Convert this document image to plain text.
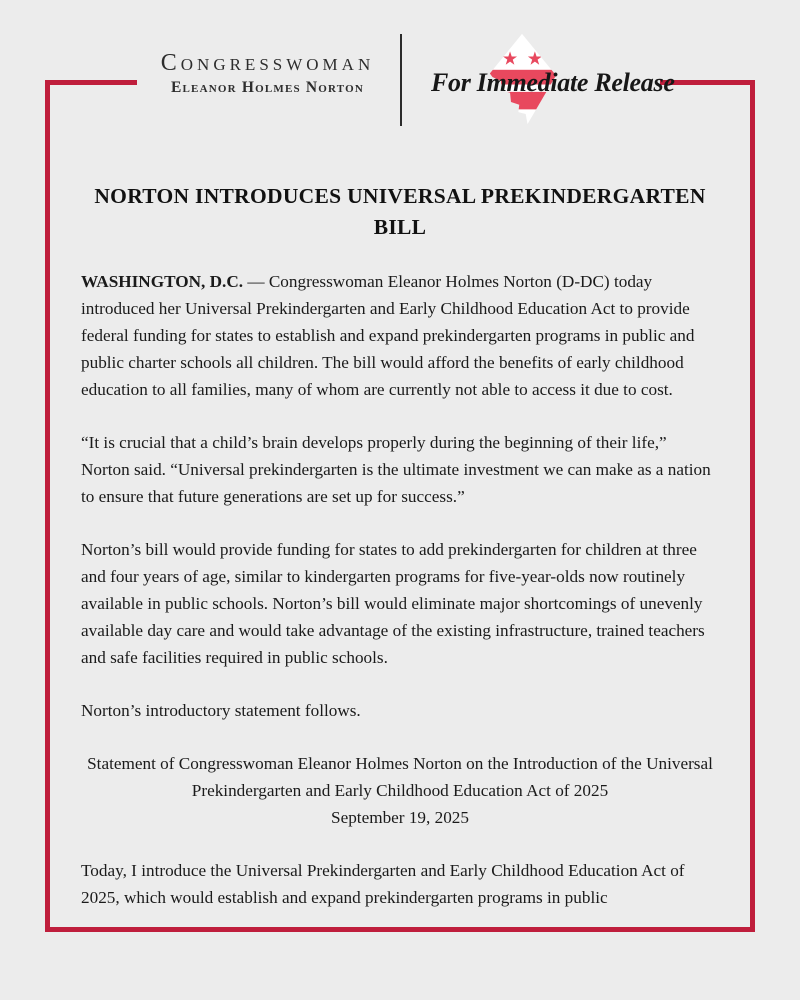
Congresswoman
Eleanor Holmes Norton	For Immediate Release
NORTON INTRODUCES UNIVERSAL PREKINDERGARTEN BILL

WASHINGTON, D.C. — Congresswoman Eleanor Holmes Norton (D-DC) today introduced her Universal Prekindergarten and Early Childhood Education Act to provide federal funding for states to establish and expand prekindergarten programs in public and public charter schools all children. The bill would afford the benefits of early childhood education to all families, many of whom are currently not able to access it due to cost.

“It is crucial that a child’s brain develops properly during the beginning of their life,” Norton said. “Universal prekindergarten is the ultimate investment we can make as a nation to ensure that future generations are set up for success.”

Norton’s bill would provide funding for states to add prekindergarten for children at three and four years of age, similar to kindergarten programs for five-year-olds now routinely available in public schools. Norton’s bill would eliminate major shortcomings of unevenly available day care and would take advantage of the existing infrastructure, trained teachers and safe facilities required in public schools.

Norton’s introductory statement follows.

Statement of Congresswoman Eleanor Holmes Norton on the Introduction of the Universal Prekindergarten and Early Childhood Education Act of 2025

September 19, 2025

Today, I introduce the Universal Prekindergarten and Early Childhood Education Act of 2025, which would establish and expand prekindergarten programs in public
